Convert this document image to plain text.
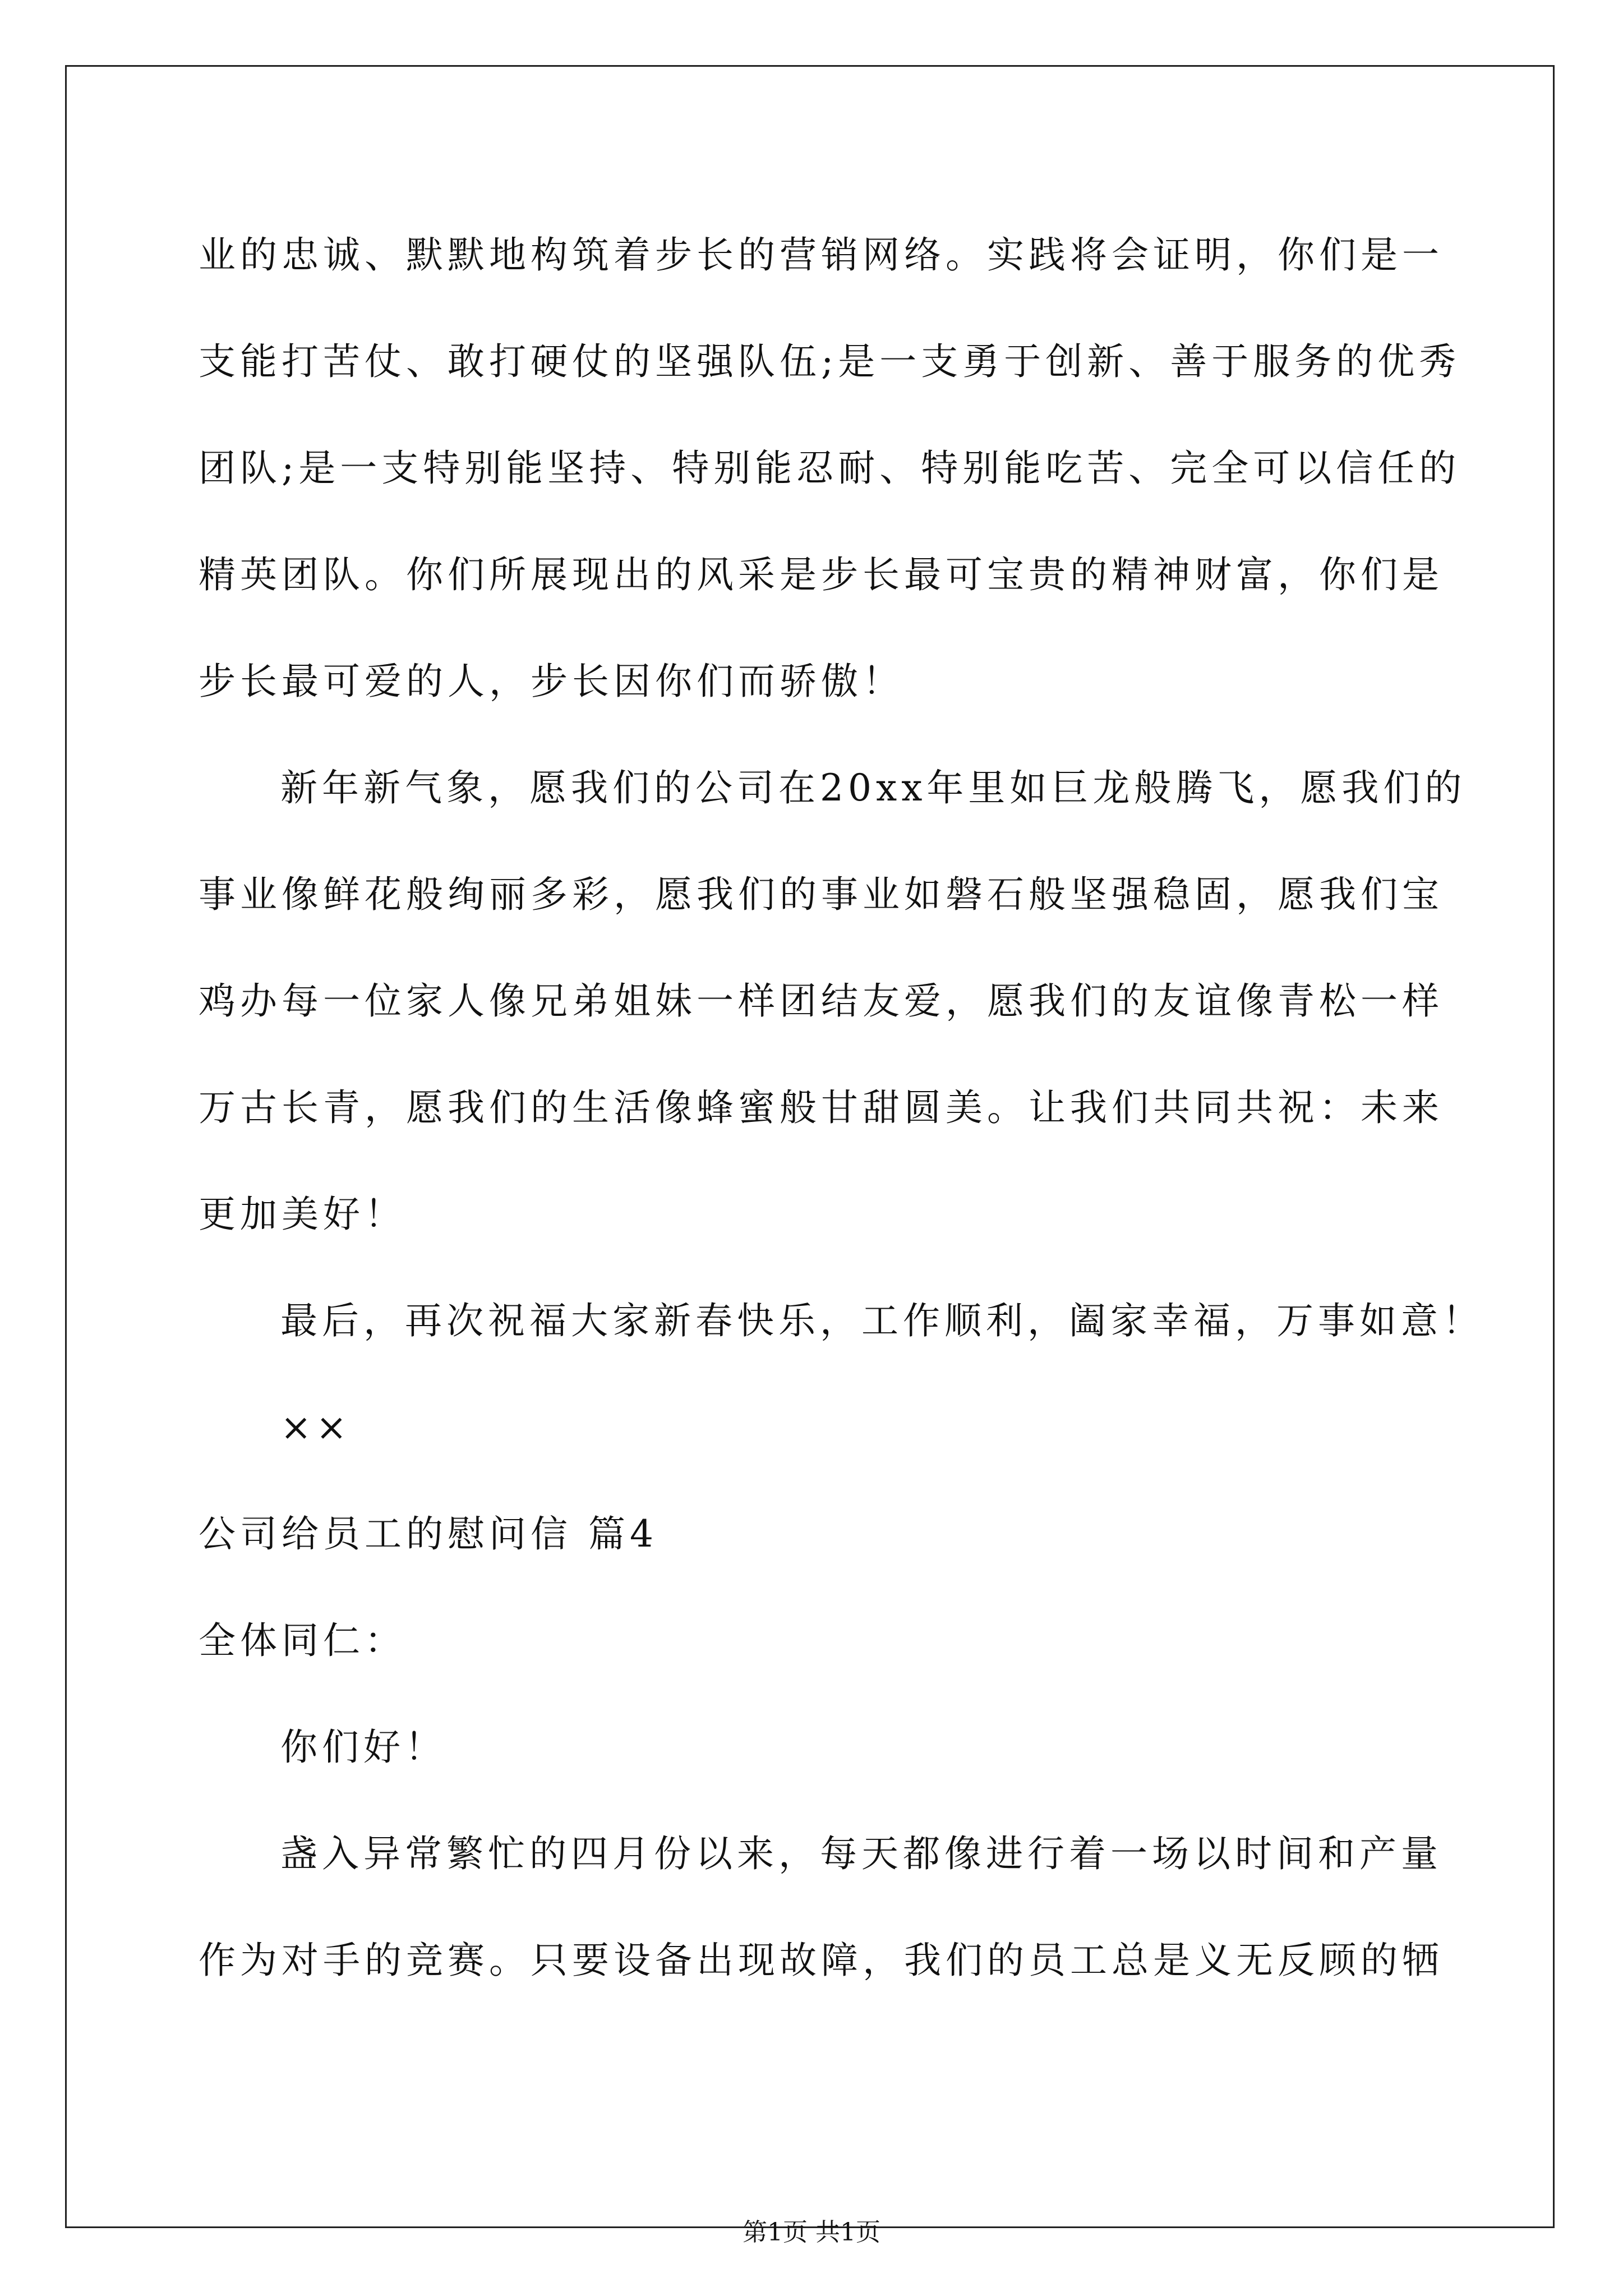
业的忠诚、默默地构筑着步长的营销网络。实践将会证明，你们是一
支能打苦仗、敢打硬仗的坚强队伍;是一支勇于创新、善于服务的优秀
团队;是一支特别能坚持、特别能忍耐、特别能吃苦、完全可以信任的
精英团队。你们所展现出的风采是步长最可宝贵的精神财富，你们是
步长最可爱的人，步长因你们而骄傲！
新年新气象，愿我们的公司在20xx年里如巨龙般腾飞，愿我们的
事业像鲜花般绚丽多彩，愿我们的事业如磐石般坚强稳固，愿我们宝
鸡办每一位家人像兄弟姐妹一样团结友爱，愿我们的友谊像青松一样
万古长青，愿我们的生活像蜂蜜般甘甜圆美。让我们共同共祝：未来
更加美好！
最后，再次祝福大家新春快乐，工作顺利，阖家幸福，万事如意！
××
公司给员工的慰问信 篇4
全体同仁：
你们好！
盏入异常繁忙的四月份以来，每天都像进行着一场以时间和产量
作为对手的竞赛。只要设备出现故障，我们的员工总是义无反顾的牺
第1页 共1页
